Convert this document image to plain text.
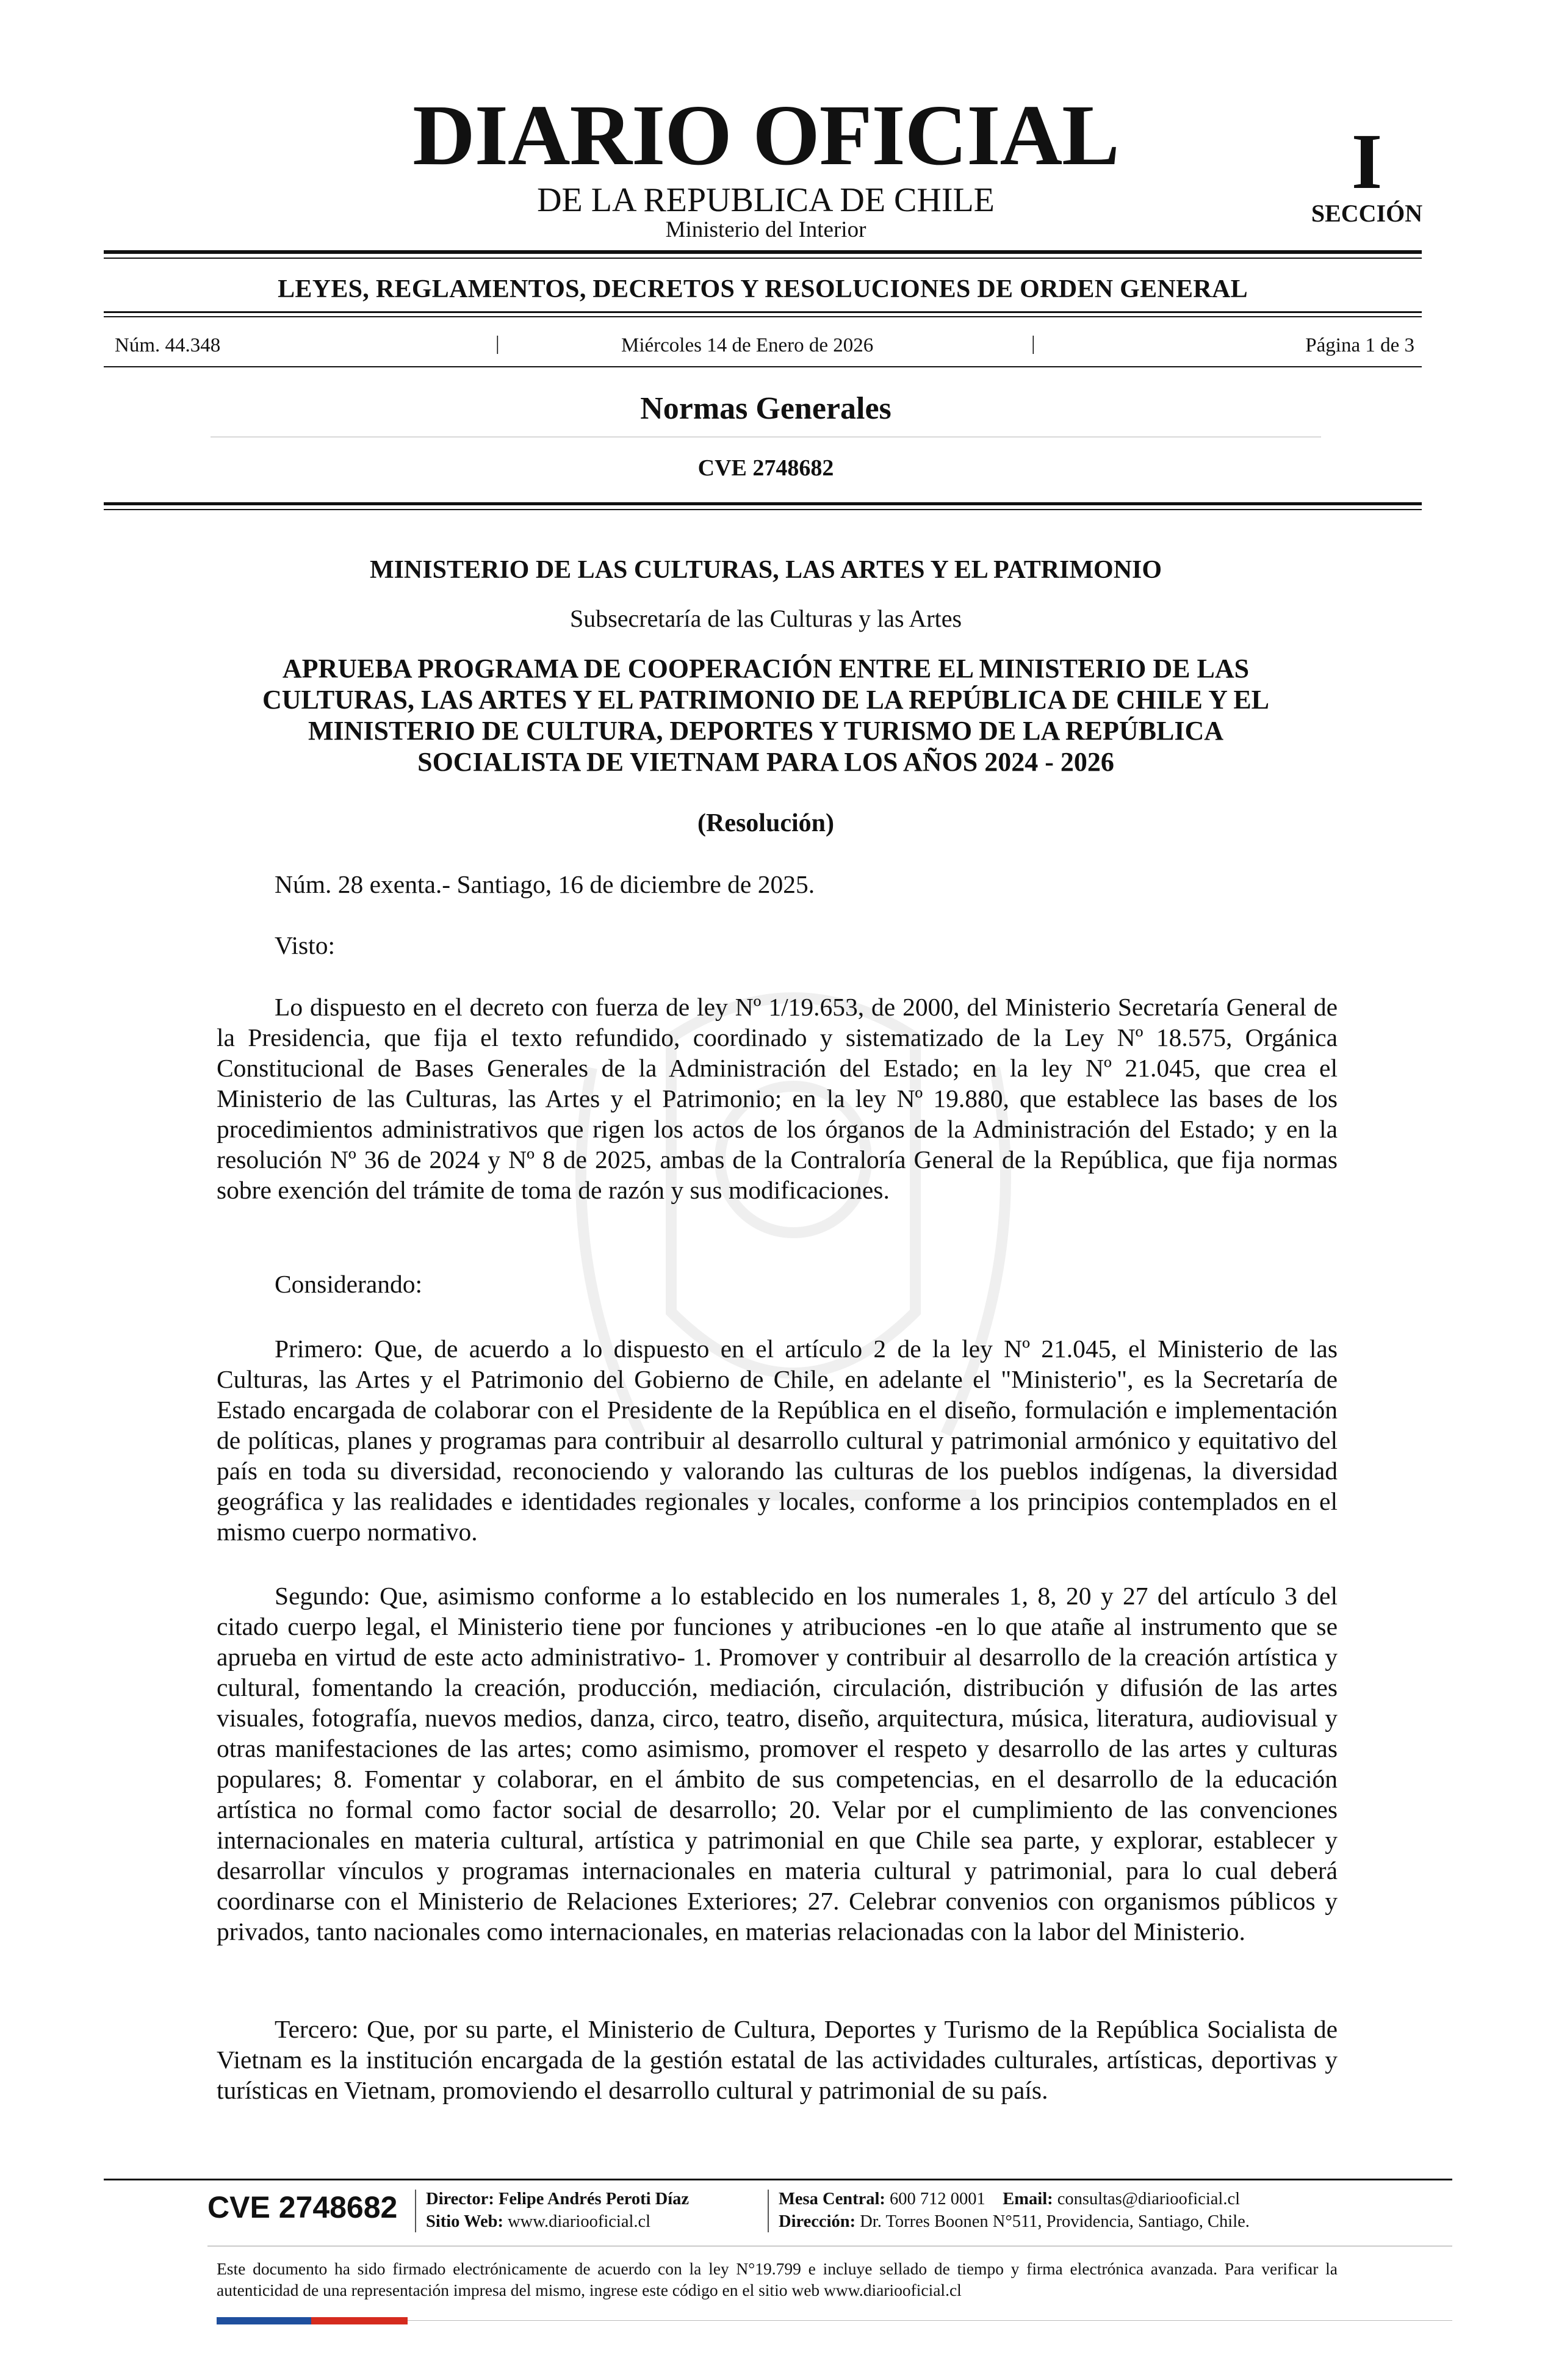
DIARIO OFICIAL
DE LA REPUBLICA DE CHILE
Ministerio del Interior
I
SECCIÓN
LEYES, REGLAMENTOS, DECRETOS Y RESOLUCIONES DE ORDEN GENERAL
Núm. 44.348	|	Miércoles 14 de Enero de 2026	|	Página 1 de 3
Normas Generales
CVE 2748682
MINISTERIO DE LAS CULTURAS, LAS ARTES Y EL PATRIMONIO
Subsecretaría de las Culturas y las Artes
APRUEBA PROGRAMA DE COOPERACIÓN ENTRE EL MINISTERIO DE LAS
CULTURAS, LAS ARTES Y EL PATRIMONIO DE LA REPÚBLICA DE CHILE Y EL
MINISTERIO DE CULTURA, DEPORTES Y TURISMO DE LA REPÚBLICA
SOCIALISTA DE VIETNAM PARA LOS AÑOS 2024 - 2026
(Resolución)
Núm. 28 exenta.- Santiago, 16 de diciembre de 2025.
Visto:
Lo dispuesto en el decreto con fuerza de ley Nº 1/19.653, de 2000, del Ministerio Secretaría General de la Presidencia, que fija el texto refundido, coordinado y sistematizado de la Ley Nº 18.575, Orgánica Constitucional de Bases Generales de la Administración del Estado; en la ley Nº 21.045, que crea el Ministerio de las Culturas, las Artes y el Patrimonio; en la ley Nº 19.880, que establece las bases de los procedimientos administrativos que rigen los actos de los órganos de la Administración del Estado; y en la resolución Nº 36 de 2024 y Nº 8 de 2025, ambas de la Contraloría General de la República, que fija normas sobre exención del trámite de toma de razón y sus modificaciones.
Considerando:
Primero: Que, de acuerdo a lo dispuesto en el artículo 2 de la ley Nº 21.045, el Ministerio de las Culturas, las Artes y el Patrimonio del Gobierno de Chile, en adelante el "Ministerio", es la Secretaría de Estado encargada de colaborar con el Presidente de la República en el diseño, formulación e implementación de políticas, planes y programas para contribuir al desarrollo cultural y patrimonial armónico y equitativo del país en toda su diversidad, reconociendo y valorando las culturas de los pueblos indígenas, la diversidad geográfica y las realidades e identidades regionales y locales, conforme a los principios contemplados en el mismo cuerpo normativo.
Segundo: Que, asimismo conforme a lo establecido en los numerales 1, 8, 20 y 27 del artículo 3 del citado cuerpo legal, el Ministerio tiene por funciones y atribuciones -en lo que atañe al instrumento que se aprueba en virtud de este acto administrativo- 1. Promover y contribuir al desarrollo de la creación artística y cultural, fomentando la creación, producción, mediación, circulación, distribución y difusión de las artes visuales, fotografía, nuevos medios, danza, circo, teatro, diseño, arquitectura, música, literatura, audiovisual y otras manifestaciones de las artes; como asimismo, promover el respeto y desarrollo de las artes y culturas populares; 8. Fomentar y colaborar, en el ámbito de sus competencias, en el desarrollo de la educación artística no formal como factor social de desarrollo; 20. Velar por el cumplimiento de las convenciones internacionales en materia cultural, artística y patrimonial en que Chile sea parte, y explorar, establecer y desarrollar vínculos y programas internacionales en materia cultural y patrimonial, para lo cual deberá coordinarse con el Ministerio de Relaciones Exteriores; 27. Celebrar convenios con organismos públicos y privados, tanto nacionales como internacionales, en materias relacionadas con la labor del Ministerio.
Tercero: Que, por su parte, el Ministerio de Cultura, Deportes y Turismo de la República Socialista de Vietnam es la institución encargada de la gestión estatal de las actividades culturales, artísticas, deportivas y turísticas en Vietnam, promoviendo el desarrollo cultural y patrimonial de su país.
CVE 2748682 Director: Felipe Andrés Peroti Díaz
Sitio Web: www.diariooficial.cl
Mesa Central: 600 712 0001 Email: consultas@diariooficial.cl
Dirección: Dr. Torres Boonen N°511, Providencia, Santiago, Chile.
Este documento ha sido firmado electrónicamente de acuerdo con la ley N°19.799 e incluye sellado de tiempo y firma electrónica avanzada. Para verificar la autenticidad de una representación impresa del mismo, ingrese este código en el sitio web www.diariooficial.cl
